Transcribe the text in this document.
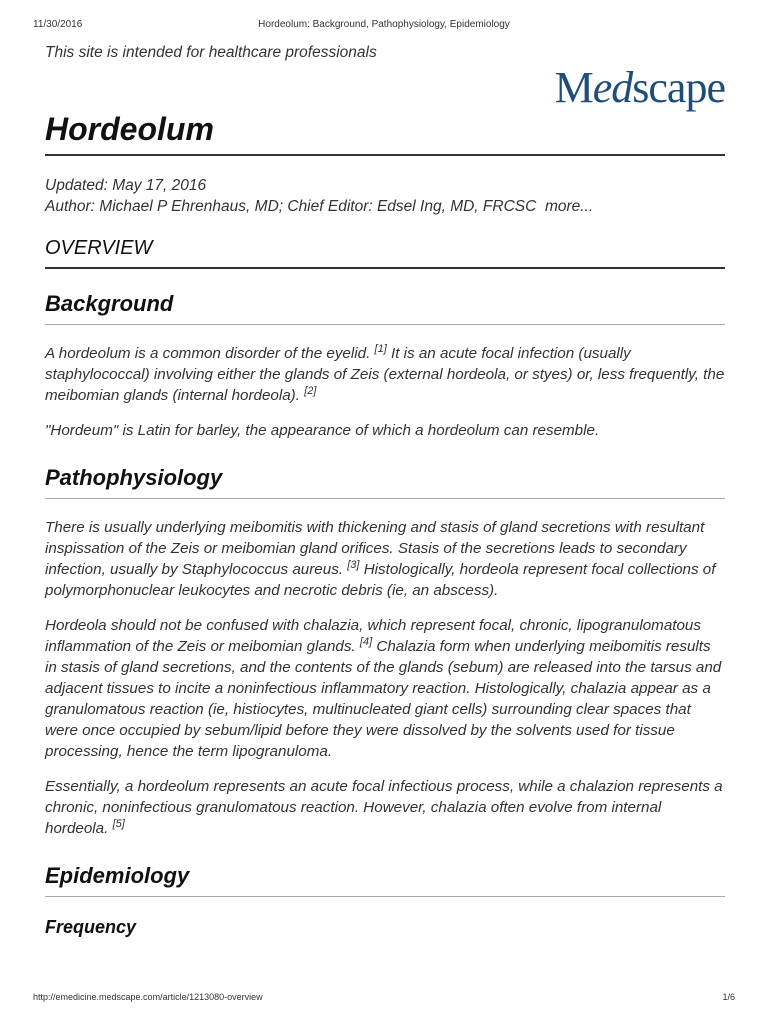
11/30/2016	Hordeolum: Background, Pathophysiology, Epidemiology

This site is intended for healthcare professionals

Medscape
Hordeolum
Updated: May 17, 2016
Author: Michael P Ehrenhaus, MD; Chief Editor: Edsel Ing, MD, FRCSC more...
OVERVIEW
Background

A hordeolum is a common disorder of the eyelid. [1] It is an acute focal infection (usually staphylococcal) involving either the glands of Zeis (external hordeola, or styes) or, less frequently, the meibomian glands (internal hordeola). [2]

"Hordeum" is Latin for barley, the appearance of which a hordeolum can resemble.

Pathophysiology

There is usually underlying meibomitis with thickening and stasis of gland secretions with resultant inspissation of the Zeis or meibomian gland orifices. Stasis of the secretions leads to secondary infection, usually by Staphylococcus aureus. [3] Histologically, hordeola represent focal collections of polymorphonuclear leukocytes and necrotic debris (ie, an abscess).

Hordeola should not be confused with chalazia, which represent focal, chronic, lipogranulomatous inflammation of the Zeis or meibomian glands. [4] Chalazia form when underlying meibomitis results in stasis of gland secretions, and the contents of the glands (sebum) are released into the tarsus and adjacent tissues to incite a noninfectious inflammatory reaction. Histologically, chalazia appear as a granulomatous reaction (ie, histiocytes, multinucleated giant cells) surrounding clear spaces that were once occupied by sebum/lipid before they were dissolved by the solvents used for tissue processing, hence the term lipogranuloma.

Essentially, a hordeolum represents an acute focal infectious process, while a chalazion represents a chronic, noninfectious granulomatous reaction. However, chalazia often evolve from internal hordeola. [5]

Epidemiology
Frequency
http://emedicine.medscape.com/article/1213080-overview	1/6
